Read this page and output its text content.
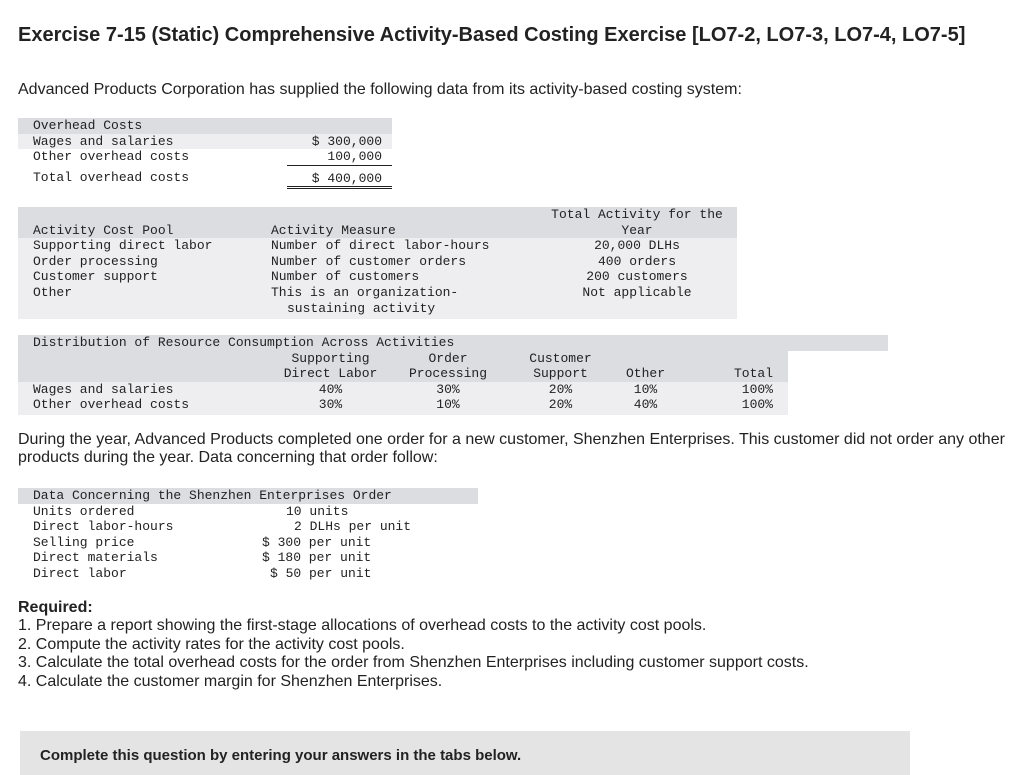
Exercise 7-15 (Static) Comprehensive Activity-Based Costing Exercise [LO7-2, LO7-3, LO7-4, LO7-5]

Advanced Products Corporation has supplied the following data from its activity-based costing system:

Overhead Costs	
Wages and salaries	$ 300,000
Other overhead costs	100,000
Total overhead costs	$ 400,000
		Total Activity for the
Activity Cost Pool	Activity Measure	Year
Supporting direct labor	Number of direct labor-hours	20,000 DLHs
Order processing	Number of customer orders	400 orders
Customer support	Number of customers	200 customers
Other	This is an organization-	Not applicable
	sustaining activity	
Distribution of Resource Consumption Across Activities						
	Supporting	Order	Customer			
	Direct Labor	Processing	Support	Other	Total	
Wages and salaries	40%	30%	20%	10%	100%	
Other overhead costs	30%	10%	20%	40%	100%	

During the year, Advanced Products completed one order for a new customer, Shenzhen Enterprises. This customer did not order any other products during the year. Data concerning that order follow:

Data Concerning the Shenzhen Enterprises Order	
Units ordered	10 units
Direct labor-hours	2 DLHs per unit
Selling price	$ 300 per unit
Direct materials	$ 180 per unit
Direct labor	$ 50 per unit
Required:
1. Prepare a report showing the first-stage allocations of overhead costs to the activity cost pools.
2. Compute the activity rates for the activity cost pools.
3. Calculate the total overhead costs for the order from Shenzhen Enterprises including customer support costs.
4. Calculate the customer margin for Shenzhen Enterprises.
Complete this question by entering your answers in the tabs below.
